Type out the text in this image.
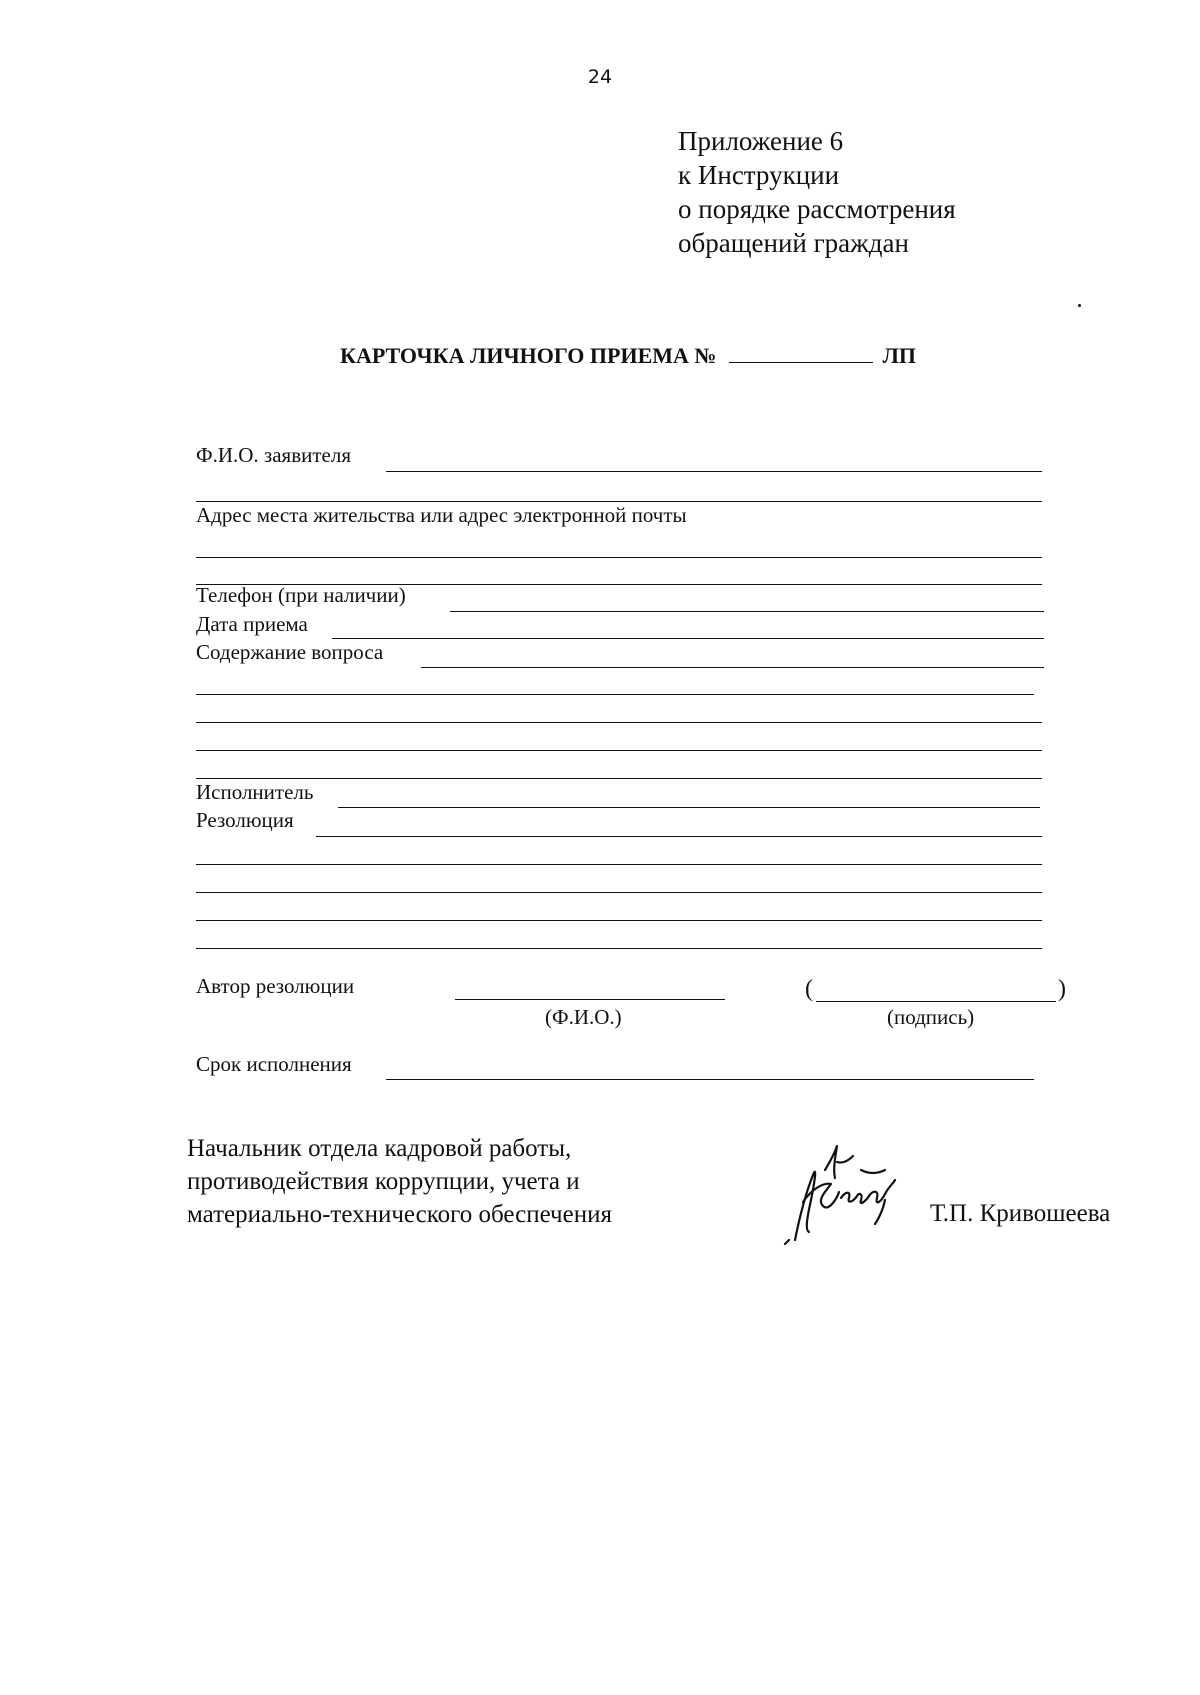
24
Приложение 6
к Инструкции
о порядке рассмотрения
обращений граждан
КАРТОЧКА ЛИЧНОГО ПРИЕМА №	ЛП
Ф.И.О. заявителя
Адрес места жительства или адрес электронной почты
Телефон (при наличии)
Дата приема
Содержание вопроса
Исполнитель
Резолюция
Автор резолюции
(Ф.И.О.)
(	)
(подпись)
Срок исполнения
Начальник отдела кадровой работы,
противодействия коррупции, учета и
материально-технического обеспечения	Т.П. Кривошеева
